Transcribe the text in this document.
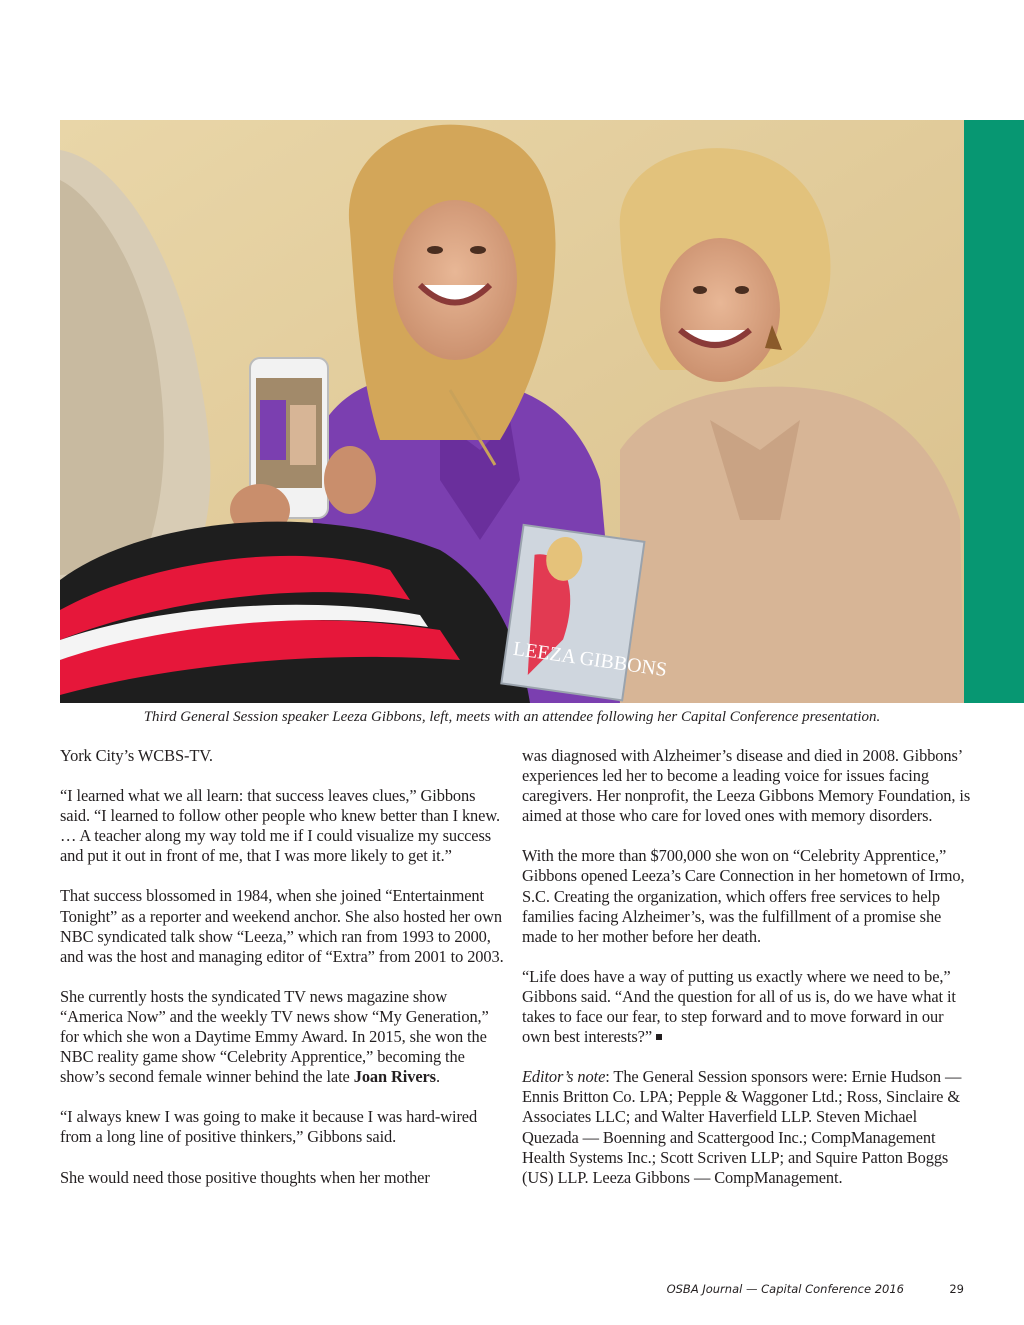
LEEZA GIBBONS
Third General Session speaker Leeza Gibbons, left, meets with an attendee following her Capital Conference presentation.

York City’s WCBS-TV.

“I learned what we all learn: that success leaves clues,” Gibbons said. “I learned to follow other people who knew better than I knew. … A teacher along my way told me if I could visualize my success and put it out in front of me, that I was more likely to get it.”

That success blossomed in 1984, when she joined “Entertainment Tonight” as a reporter and weekend anchor. She also hosted her own NBC syndicated talk show “Leeza,” which ran from 1993 to 2000, and was the host and managing editor of “Extra” from 2001 to 2003.

She currently hosts the syndicated TV news magazine show “America Now” and the weekly TV news show “My Generation,” for which she won a Daytime Emmy Award. In 2015, she won the NBC reality game show “Celebrity Apprentice,” becoming the show’s second female winner behind the late Joan Rivers.

“I always knew I was going to make it because I was hard-wired from a long line of positive thinkers,” Gibbons said.

She would need those positive thoughts when her mother

was diagnosed with Alzheimer’s disease and died in 2008. Gibbons’ experiences led her to become a leading voice for issues facing caregivers. Her nonprofit, the Leeza Gibbons Memory Foundation, is aimed at those who care for loved ones with memory disorders.

With the more than $700,000 she won on “Celebrity Apprentice,” Gibbons opened Leeza’s Care Connection in her hometown of Irmo, S.C. Creating the organization, which offers free services to help families facing Alzheimer’s, was the fulfillment of a promise she made to her mother before her death.

“Life does have a way of putting us exactly where we need to be,” Gibbons said. “And the question for all of us is, do we have what it takes to face our fear, to step forward and to move forward in our own best interests?”

Editor’s note: The General Session sponsors were: Ernie Hudson — Ennis Britton Co. LPA; Pepple & Waggoner Ltd.; Ross, Sinclaire & Associates LLC; and Walter Haverfield LLP. Steven Michael Quezada — Boenning and Scattergood Inc.; CompManagement Health Systems Inc.; Scott Scriven LLP; and Squire Patton Boggs (US) LLP. Leeza Gibbons — CompManagement.

OSBA Journal — Capital Conference 2016	29
